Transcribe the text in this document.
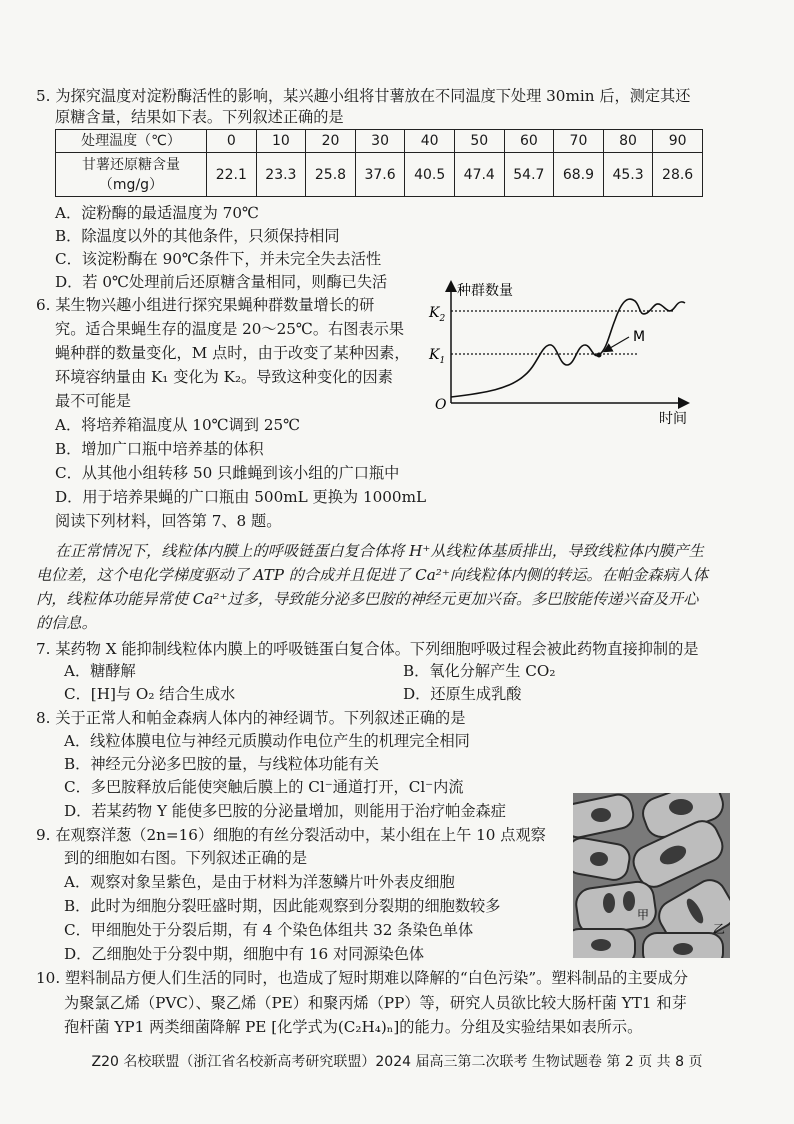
5. 为探究温度对淀粉酶活性的影响，某兴趣小组将甘薯放在不同温度下处理 30min 后，测定其还
原糖含量，结果如下表。下列叙述正确的是
处理温度（℃）	0	10	20	30	40	50	60	70	80	90

甘薯还原糖含量
（mg/g）	22.1	23.3	25.8	37.6	40.5	47.4	54.7	68.9	45.3	28.6
A．淀粉酶的最适温度为 70℃
B．除温度以外的其他条件，只须保持相同
C．该淀粉酶在 90℃条件下，并未完全失去活性
D．若 0℃处理前后还原糖含量相同，则酶已失活
6. 某生物兴趣小组进行探究果蝇种群数量增长的研
究。适合果蝇生存的温度是 20～25℃。右图表示果
蝇种群的数量变化，M 点时，由于改变了某种因素，
环境容纳量由 K₁ 变化为 K₂。导致这种变化的因素
最不可能是
A．将培养箱温度从 10℃调到 25℃
B．增加广口瓶中培养基的体积
C．从其他小组转移 50 只雌蝇到该小组的广口瓶中
D．用于培养果蝇的广口瓶由 500mL 更换为 1000mL
种群数量
时间
O
$K_2$
$K_1$
M
阅读下列材料，回答第 7、8 题。
在正常情况下，线粒体内膜上的呼吸链蛋白复合体将 H⁺从线粒体基质排出，导致线粒体内膜产生
电位差，这个电化学梯度驱动了 ATP 的合成并且促进了 Ca²⁺向线粒体内侧的转运。在帕金森病人体
内，线粒体功能异常使 Ca²⁺过多，导致能分泌多巴胺的神经元更加兴奋。多巴胺能传递兴奋及开心
的信息。
7. 某药物 X 能抑制线粒体内膜上的呼吸链蛋白复合体。下列细胞呼吸过程会被此药物直接抑制的是
A．糖酵解	B．氧化分解产生 CO₂
C．[H]与 O₂ 结合生成水	D．还原生成乳酸
8. 关于正常人和帕金森病人体内的神经调节。下列叙述正确的是
A．线粒体膜电位与神经元质膜动作电位产生的机理完全相同
B．神经元分泌多巴胺的量，与线粒体功能有关
C．多巴胺释放后能使突触后膜上的 Cl⁻通道打开，Cl⁻内流
D．若某药物 Y 能使多巴胺的分泌量增加，则能用于治疗帕金森症
9. 在观察洋葱（2n=16）细胞的有丝分裂活动中，某小组在上午 10 点观察
到的细胞如右图。下列叙述正确的是
A．观察对象呈紫色，是由于材料为洋葱鳞片叶外表皮细胞
B．此时为细胞分裂旺盛时期，因此能观察到分裂期的细胞数较多
C．甲细胞处于分裂后期，有 4 个染色体组共 32 条染色单体
D．乙细胞处于分裂中期，细胞中有 16 对同源染色体
甲
乙
10. 塑料制品方便人们生活的同时，也造成了短时期难以降解的“白色污染”。塑料制品的主要成分
为聚氯乙烯（PVC）、聚乙烯（PE）和聚丙烯（PP）等，研究人员欲比较大肠杆菌 YT1 和芽
孢杆菌 YP1 两类细菌降解 PE [化学式为(C₂H₄)ₙ]的能力。分组及实验结果如表所示。
Z20 名校联盟（浙江省名校新高考研究联盟）2024 届高三第二次联考 生物试题卷 第 2 页 共 8 页
